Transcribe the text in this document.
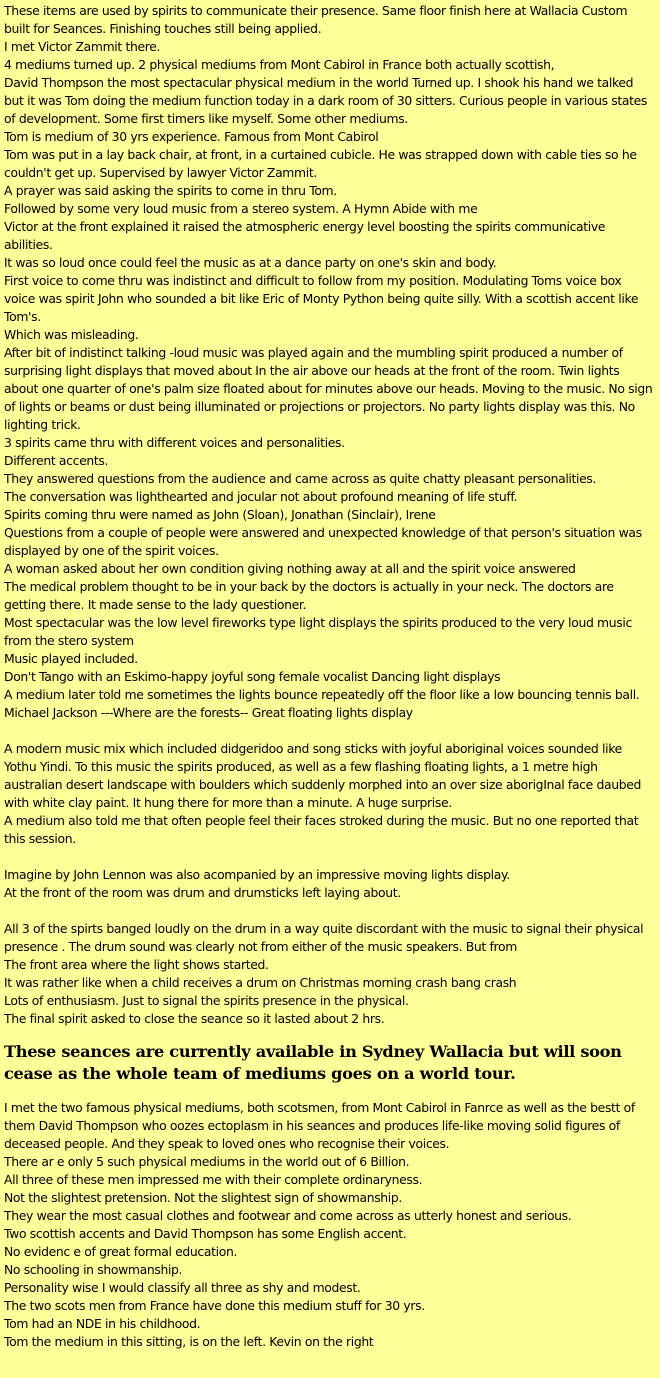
These items are used by spirits to communicate their presence. Same floor finish here at Wallacia Custom built for Seances. Finishing touches still being applied.

I met Victor Zammit there.

4 mediums turned up. 2 physical mediums from Mont Cabirol in France both actually scottish,

David Thompson the most spectacular physical medium in the world Turned up. I shook his hand we talked but it was Tom doing the medium function today in a dark room of 30 sitters. Curious people in various states of development. Some first timers like myself. Some other mediums.

Tom is medium of 30 yrs experience. Famous from Mont Cabirol

Tom was put in a lay back chair, at front, in a curtained cubicle. He was strapped down with cable ties so he couldn't get up. Supervised by lawyer Victor Zammit.

A prayer was said asking the spirits to come in thru Tom.

Followed by some very loud music from a stereo system. A Hymn Abide with me

Victor at the front explained it raised the atmospheric energy level boosting the spirits communicative abilities.

It was so loud once could feel the music as at a dance party on one's skin and body.

First voice to come thru was indistinct and difficult to follow from my position. Modulating Toms voice box voice was spirit John who sounded a bit like Eric of Monty Python being quite silly. With a scottish accent like Tom's.

Which was misleading.

After bit of indistinct talking -loud music was played again and the mumbling spirit produced a number of surprising light displays that moved about In the air above our heads at the front of the room. Twin lights about one quarter of one's palm size floated about for minutes above our heads. Moving to the music. No sign of lights or beams or dust being illuminated or projections or projectors. No party lights display was this. No lighting trick.

3 spirits came thru with different voices and personalities.

Different accents.

They answered questions from the audience and came across as quite chatty pleasant personalities.

The conversation was lighthearted and jocular not about profound meaning of life stuff.

Spirits coming thru were named as John (Sloan), Jonathan (Sinclair), Irene

Questions from a couple of people were answered and unexpected knowledge of that person's situation was displayed by one of the spirit voices.

A woman asked about her own condition giving nothing away at all and the spirit voice answered

The medical problem thought to be in your back by the doctors is actually in your neck. The doctors are getting there. It made sense to the lady questioner.

Most spectacular was the low level fireworks type light displays the spirits produced to the very loud music from the stero system

Music played included.

Don't Tango with an Eskimo-happy joyful song female vocalist Dancing light displays

A medium later told me sometimes the lights bounce repeatedly off the floor like a low bouncing tennis ball.

Michael Jackson ---Where are the forests-- Great floating lights display

A modern music mix which included didgeridoo and song sticks with joyful aboriginal voices sounded like Yothu Yindi. To this music the spirits produced, as well as a few flashing floating lights, a 1 metre high australian desert landscape with boulders which suddenly morphed into an over size aborigInal face daubed with white clay paint. It hung there for more than a minute. A huge surprise.

A medium also told me that often people feel their faces stroked during the music. But no one reported that this session.

Imagine by John Lennon was also acompanied by an impressive moving lights display.

At the front of the room was drum and drumsticks left laying about.

All 3 of the spirts banged loudly on the drum in a way quite discordant with the music to signal their physical presence . The drum sound was clearly not from either of the music speakers. But from

The front area where the light shows started.

It was rather like when a child receives a drum on Christmas morning crash bang crash

Lots of enthusiasm. Just to signal the spirits presence in the physical.

The final spirit asked to close the seance so it lasted about 2 hrs.

These seances are currently available in Sydney Wallacia but will soon cease as the whole team of mediums goes on a world tour.

I met the two famous physical mediums, both scotsmen, from Mont Cabirol in Fanrce as well as the bestt of them David Thompson who oozes ectoplasm in his seances and produces life-like moving solid figures of deceased people. And they speak to loved ones who recognise their voices.

There ar e only 5 such physical mediums in the world out of 6 Billion.

All three of these men impressed me with their complete ordinaryness.

Not the slightest pretension. Not the slightest sign of showmanship.

They wear the most casual clothes and footwear and come across as utterly honest and serious.

Two scottish accents and David Thompson has some English accent.

No evidenc e of great formal education.

No schooling in showmanship.

Personality wise I would classify all three as shy and modest.

The two scots men from France have done this medium stuff for 30 yrs.

Tom had an NDE in his childhood.

Tom the medium in this sitting, is on the left. Kevin on the right
